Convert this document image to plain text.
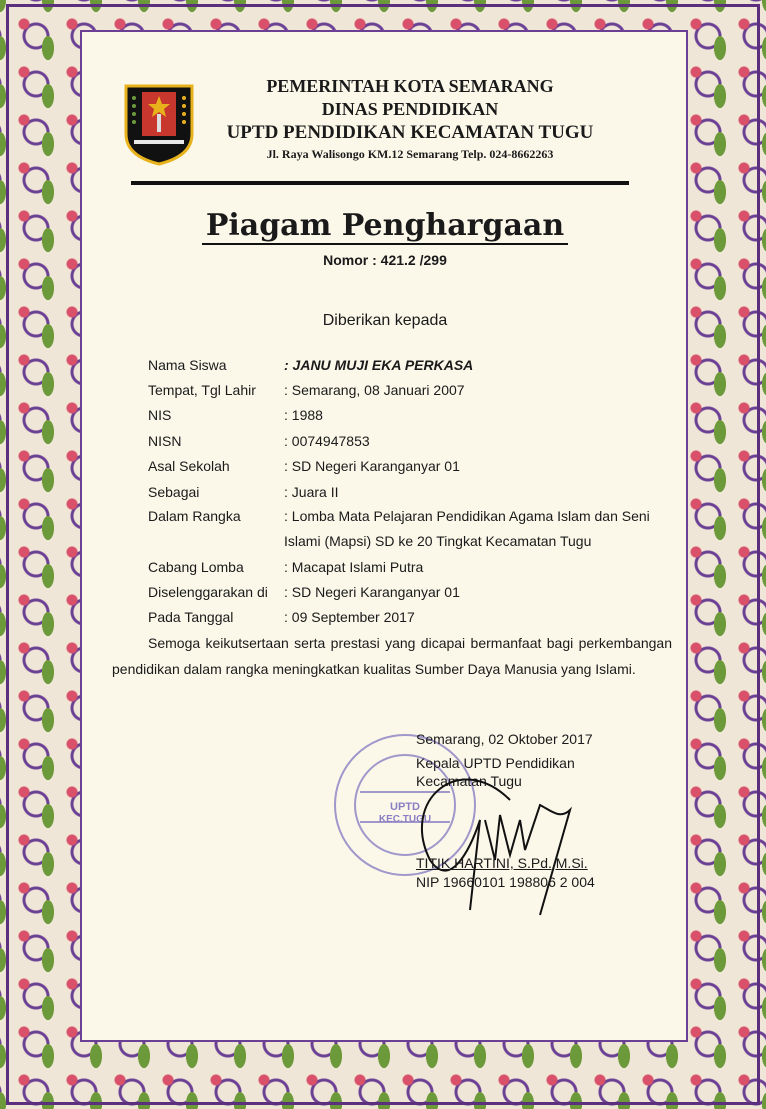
PEMERINTAH KOTA SEMARANG
DINAS PENDIDIKAN
UPTD PENDIDIKAN KECAMATAN TUGU
Jl. Raya Walisongo KM.12 Semarang Telp. 024-8662263
Piagam Penghargaan
Nomor : 421.2 /299
Diberikan kepada
Nama Siswa	: JANU MUJI EKA PERKASA
Tempat, Tgl Lahir : Semarang, 08 Januari 2007
NIS	: 1988
NISN	: 0074947853
Asal Sekolah	: SD Negeri Karanganyar 01
Sebagai	: Juara II
Dalam Rangka	: Lomba Mata Pelajaran Pendidikan Agama Islam dan Seni Islami (Mapsi) SD ke 20 Tingkat Kecamatan Tugu
Cabang Lomba	: Macapat Islami Putra
Diselenggarakan di : SD Negeri Karanganyar 01
Pada Tanggal	: 09 September 2017
Semoga keikutsertaan serta prestasi yang dicapai bermanfaat bagi perkembangan pendidikan dalam rangka meningkatkan kualitas Sumber Daya Manusia yang Islami.
UPTD
KEC.TUGU
Semarang, 02 Oktober 2017
Kepala UPTD Pendidikan
Kecamatan Tugu
TITIK HARTINI, S.Pd.,M.Si.
NIP 19660101 198806 2 004
